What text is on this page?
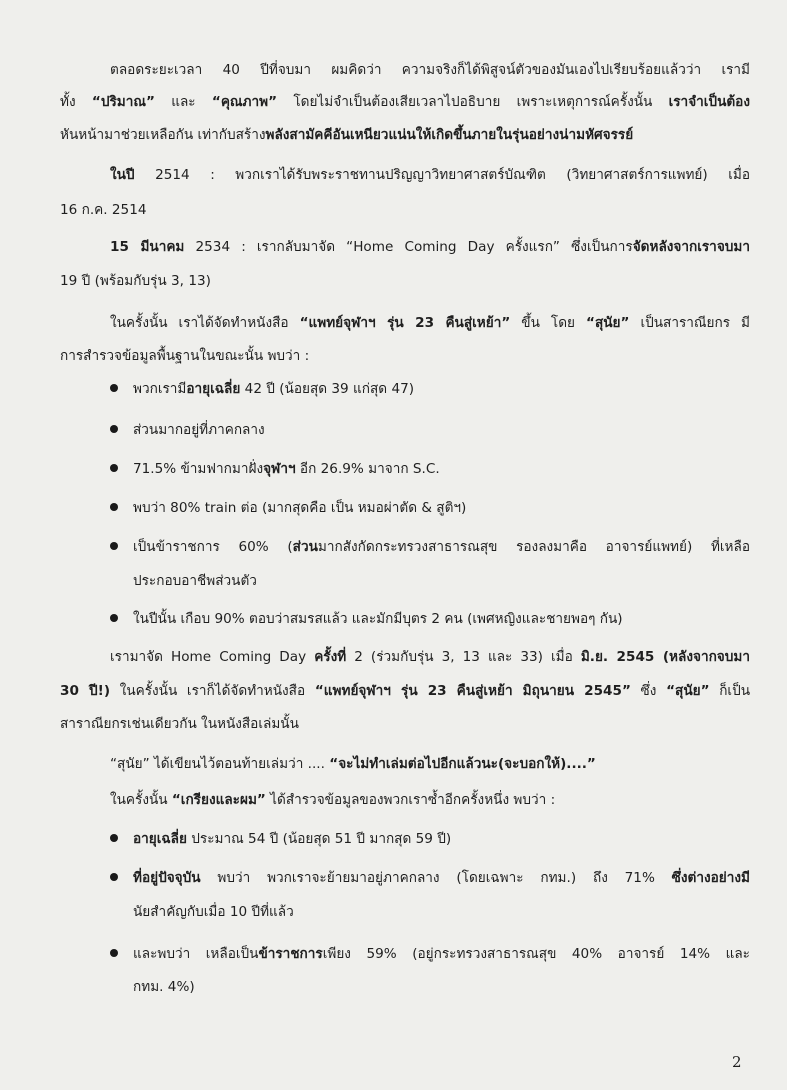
ตลอดระยะเวลา 40 ปีที่จบมา ผมคิดว่า ความจริงก็ได้พิสูจน์ตัวของมันเองไปเรียบร้อยแล้วว่า เรามี
ทั้ง “ปริมาณ” และ “คุณภาพ” โดยไม่จำเป็นต้องเสียเวลาไปอธิบาย เพราะเหตุการณ์ครั้งนั้น เราจำเป็นต้อง
หันหน้ามาช่วยเหลือกัน เท่ากับสร้างพลังสามัคคีอันเหนียวแน่นให้เกิดขึ้นภายในรุ่นอย่างน่ามหัศจรรย์
ในปี 2514 : พวกเราได้รับพระราชทานปริญญาวิทยาศาสตร์บัณฑิต (วิทยาศาสตร์การแพทย์) เมื่อ
16 ก.ค. 2514
15 มีนาคม 2534 : เรากลับมาจัด “Home Coming Day ครั้งแรก” ซึ่งเป็นการจัดหลังจากเราจบมา
19 ปี (พร้อมกับรุ่น 3, 13)
ในครั้งนั้น เราได้จัดทำหนังสือ “แพทย์จุฬาฯ รุ่น 23 คืนสู่เหย้า” ขึ้น โดย “สุนัย” เป็นสาราณียกร มี
การสำรวจข้อมูลพื้นฐานในขณะนั้น พบว่า :
พวกเรามีอายุเฉลี่ย 42 ปี (น้อยสุด 39 แก่สุด 47)
ส่วนมากอยู่ที่ภาคกลาง
71.5% ข้ามฟากมาฝั่งจุฬาฯ อีก 26.9% มาจาก S.C.
พบว่า 80% train ต่อ (มากสุดคือ เป็น หมอผ่าตัด & สูติฯ)
เป็นข้าราชการ 60% (ส่วนมากสังกัดกระทรวงสาธารณสุข รองลงมาคือ อาจารย์แพทย์) ที่เหลือ
ประกอบอาชีพส่วนตัว
ในปีนั้น เกือบ 90% ตอบว่าสมรสแล้ว และมักมีบุตร 2 คน (เพศหญิงและชายพอๆ กัน)
เรามาจัด Home Coming Day ครั้งที่ 2 (ร่วมกับรุ่น 3, 13 และ 33) เมื่อ มิ.ย. 2545 (หลังจากจบมา
30 ปี!) ในครั้งนั้น เราก็ได้จัดทำหนังสือ “แพทย์จุฬาฯ รุ่น 23 คืนสู่เหย้า มิถุนายน 2545” ซึ่ง “สุนัย” ก็เป็น
สาราณียกรเช่นเดียวกัน ในหนังสือเล่มนั้น
“สุนัย” ได้เขียนไว้ตอนท้ายเล่มว่า .... “จะไม่ทำเล่มต่อไปอีกแล้วนะ(จะบอกให้)....”
ในครั้งนั้น “เกรียงและผม” ได้สำรวจข้อมูลของพวกเราซ้ำอีกครั้งหนึ่ง พบว่า :
อายุเฉลี่ย ประมาณ 54 ปี (น้อยสุด 51 ปี มากสุด 59 ปี)
ที่อยู่ปัจจุบัน พบว่า พวกเราจะย้ายมาอยู่ภาคกลาง (โดยเฉพาะ กทม.) ถึง 71% ซึ่งต่างอย่างมี
นัยสำคัญกับเมื่อ 10 ปีที่แล้ว
และพบว่า เหลือเป็นข้าราชการเพียง 59% (อยู่กระทรวงสาธารณสุข 40% อาจารย์ 14% และ
กทม. 4%)
2
